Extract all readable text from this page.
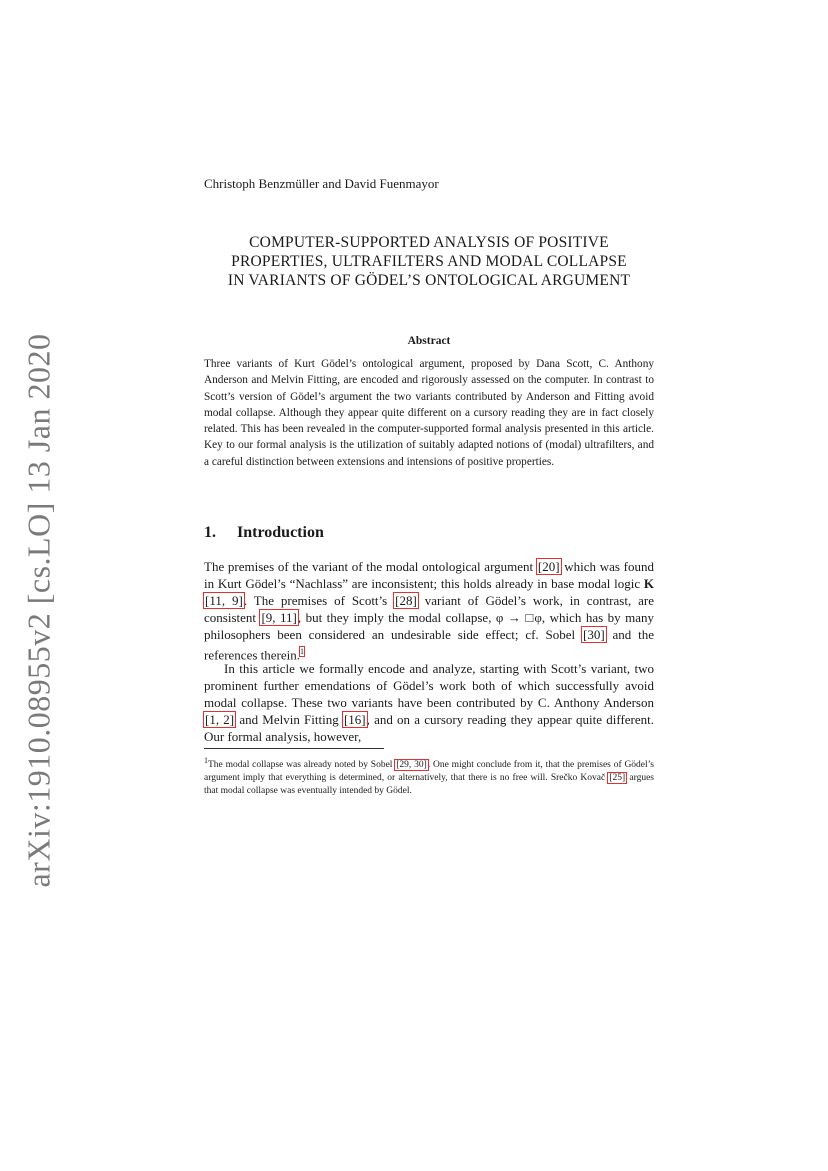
arXiv:1910.08955v2 [cs.LO] 13 Jan 2020
Christoph Benzmüller and David Fuenmayor
COMPUTER-SUPPORTED ANALYSIS OF POSITIVE
PROPERTIES, ULTRAFILTERS AND MODAL COLLAPSE
IN VARIANTS OF GÖDEL’S ONTOLOGICAL ARGUMENT
Abstract
Three variants of Kurt Gödel’s ontological argument, proposed by Dana Scott, C. Anthony Anderson and Melvin Fitting, are encoded and rigorously assessed on the computer. In contrast to Scott’s version of Gödel’s argument the two variants contributed by Anderson and Fitting avoid modal collapse. Although they appear quite different on a cursory reading they are in fact closely related. This has been revealed in the computer-supported formal analysis presented in this article. Key to our formal analysis is the utilization of suitably adapted notions of (modal) ultrafilters, and a careful distinction between extensions and intensions of positive properties.
1. Introduction
The premises of the variant of the modal ontological argument [20] which was found in Kurt Gödel’s “Nachlass” are inconsistent; this holds already in base modal logic K [11, 9]. The premises of Scott’s [28] variant of Gödel’s work, in contrast, are consistent [9, 11], but they imply the modal collapse, φ → □φ, which has by many philosophers been considered an undesirable side effect; cf. Sobel [30] and the references therein.$^1$
In this article we formally encode and analyze, starting with Scott’s variant, two prominent further emendations of Gödel’s work both of which successfully avoid modal collapse. These two variants have been contributed by C. Anthony Anderson [1, 2] and Melvin Fitting [16], and on a cursory reading they appear quite different. Our formal analysis, however,
$^1$The modal collapse was already noted by Sobel [29, 30]. One might conclude from it, that the premises of Gödel’s argument imply that everything is determined, or alternatively, that there is no free will. Srečko Kovač [25] argues that modal collapse was eventually intended by Gödel.
